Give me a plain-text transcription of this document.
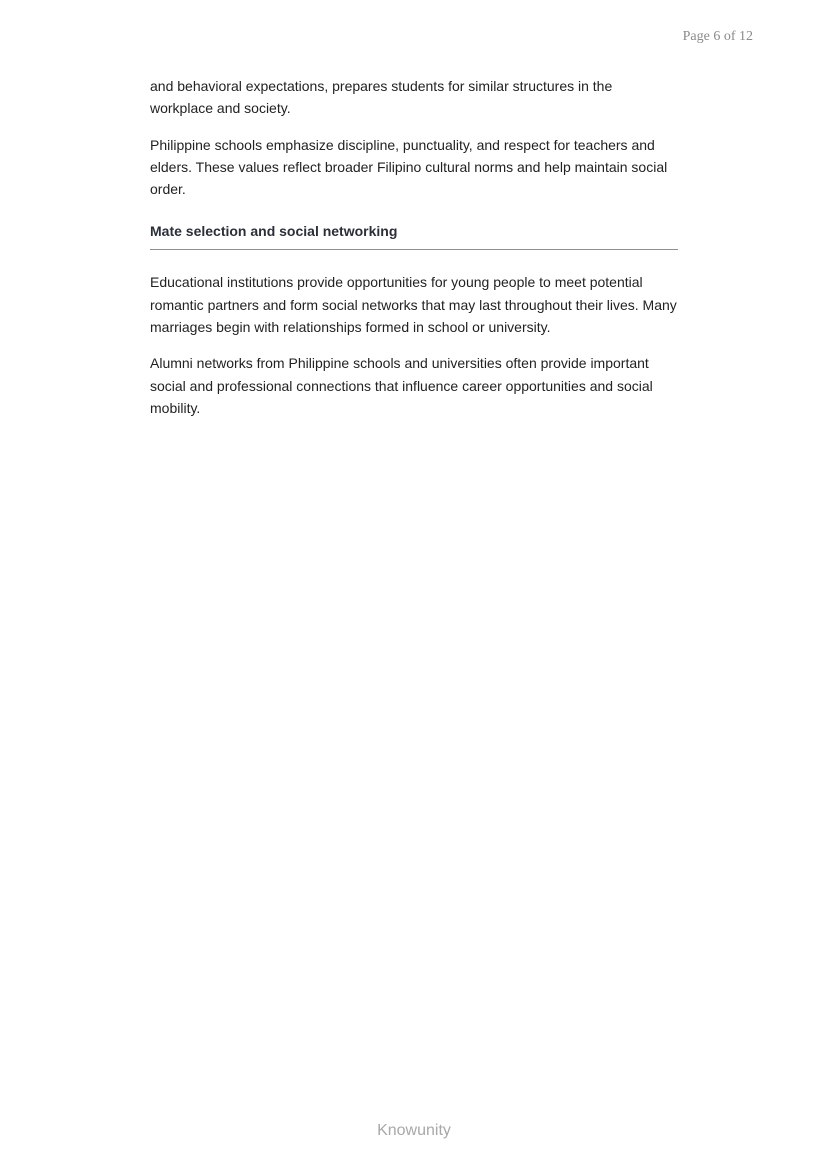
Page 6 of 12

and behavioral expectations, prepares students for similar structures in the workplace and society.

Philippine schools emphasize discipline, punctuality, and respect for teachers and elders. These values reflect broader Filipino cultural norms and help maintain social order.

Mate selection and social networking

Educational institutions provide opportunities for young people to meet potential romantic partners and form social networks that may last throughout their lives. Many marriages begin with relationships formed in school or university.

Alumni networks from Philippine schools and universities often provide important social and professional connections that influence career opportunities and social mobility.

Knowunity
